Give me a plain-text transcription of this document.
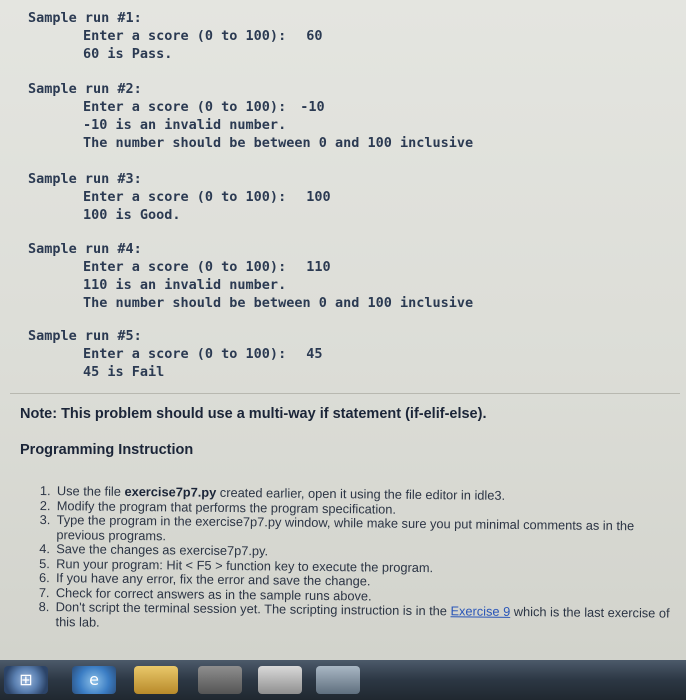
Sample run #1:
Enter a score (0 to 100): 60
60 is Pass.
Sample run #2:
Enter a score (0 to 100): -10
-10 is an invalid number.
The number should be between 0 and 100 inclusive
Sample run #3:
Enter a score (0 to 100): 100
100 is Good.
Sample run #4:
Enter a score (0 to 100): 110
110 is an invalid number.
The number should be between 0 and 100 inclusive
Sample run #5:
Enter a score (0 to 100): 45
45 is Fail
Note: This problem should use a multi-way if statement (if-elif-else).
Programming Instruction
1. Use the file exercise7p7.py created earlier, open it using the file editor in idle3.
2. Modify the program that performs the program specification.
3. Type the program in the exercise7p7.py window, while make sure you put minimal comments as in the previous programs.
4. Save the changes as exercise7p7.py.
5. Run your program: Hit < F5 > function key to execute the program.
6. If you have any error, fix the error and save the change.
7. Check for correct answers as in the sample runs above.
8. Don't script the terminal session yet. The scripting instruction is in the Exercise 9 which is the last exercise of this lab.
⊞	e
